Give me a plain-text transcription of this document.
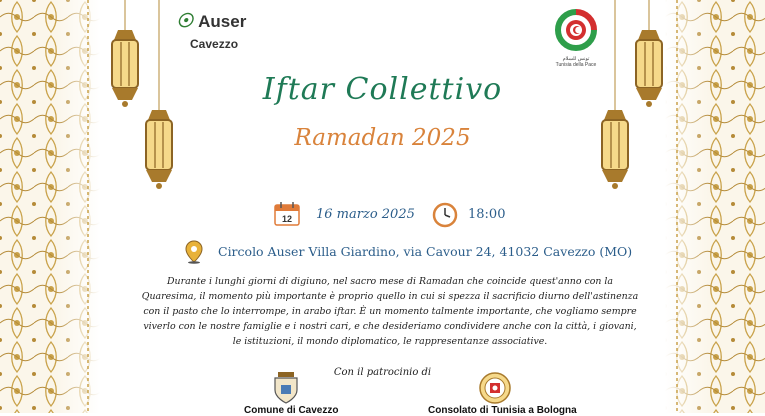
☉ Auser
Cavezzo
تونس للسلام
Tunisia della Pace
Iftar Collettivo
Ramadan 2025
12 16 marzo 2025	18:00
Circolo Auser Villa Giardino, via Cavour 24, 41032 Cavezzo (MO)
Durante i lunghi giorni di digiuno, nel sacro mese di Ramadan che coincide quest'anno con la Quaresima, il momento più importante è proprio quello in cui si spezza il sacrificio diurno dell'astinenza con il pasto che lo interrompe, in arabo iftar. È un momento talmente importante, che vogliamo sempre viverlo con le nostre famiglie e i nostri cari, e che desideriamo condividere anche con la città, i giovani, le istituzioni, il mondo diplomatico, le rappresentanze associative.
Con il patrocinio di
Comune di Cavezzo	Consolato di Tunisia a Bologna
